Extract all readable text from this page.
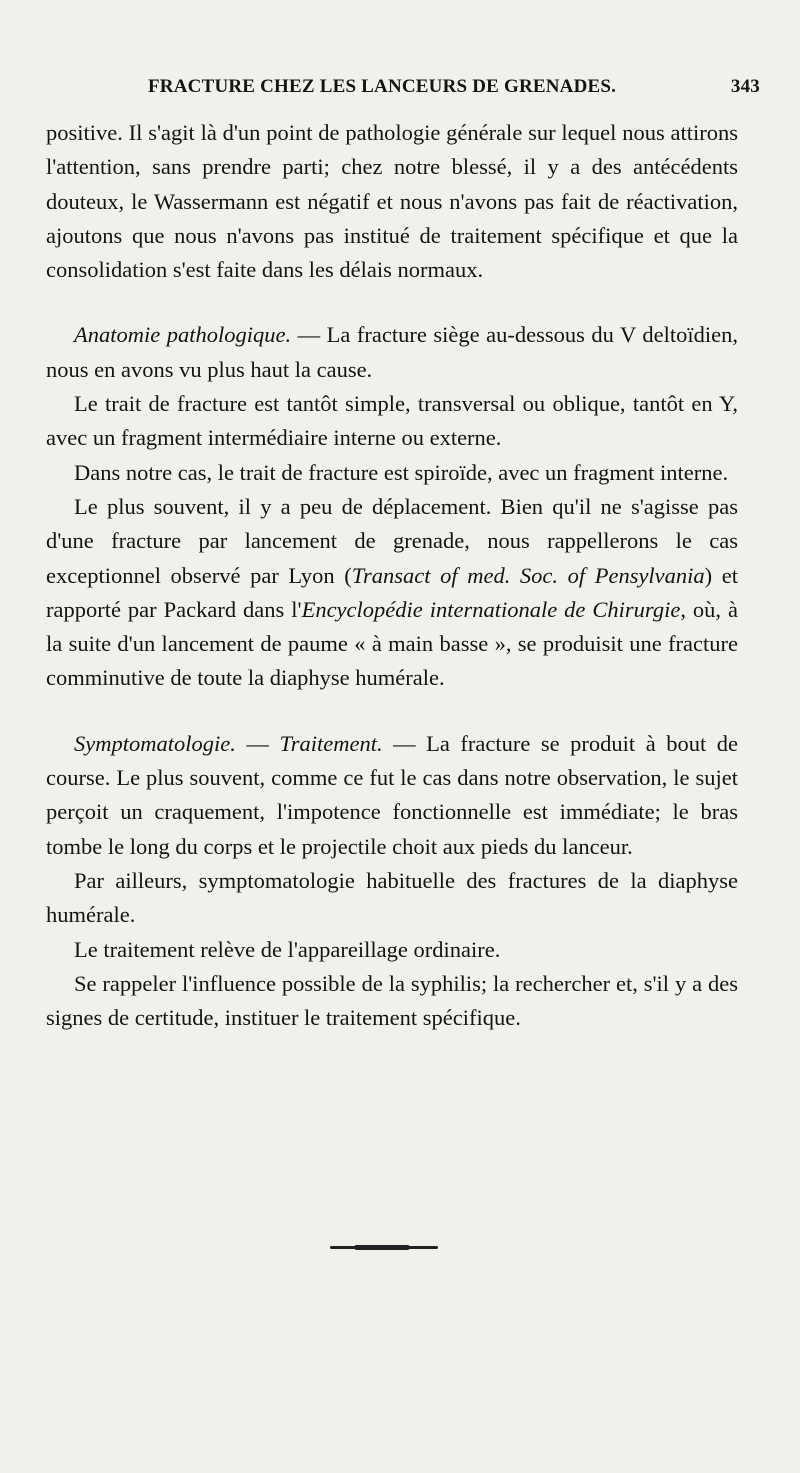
FRACTURE CHEZ LES LANCEURS DE GRENADES.	343

positive. Il s'agit là d'un point de pathologie générale sur lequel nous attirons l'attention, sans prendre parti; chez notre blessé, il y a des antécédents douteux, le Wassermann est négatif et nous n'avons pas fait de réactivation, ajoutons que nous n'avons pas institué de traitement spécifique et que la consolidation s'est faite dans les délais normaux.

Anatomie pathologique. — La fracture siège au-dessous du V deltoïdien, nous en avons vu plus haut la cause.

Le trait de fracture est tantôt simple, transversal ou oblique, tantôt en Y, avec un fragment intermédiaire interne ou externe.

Dans notre cas, le trait de fracture est spiroïde, avec un fragment interne.

Le plus souvent, il y a peu de déplacement. Bien qu'il ne s'agisse pas d'une fracture par lancement de grenade, nous rappellerons le cas exceptionnel observé par Lyon (Transact of med. Soc. of Pensylvania) et rapporté par Packard dans l'Encyclopédie internationale de Chirurgie, où, à la suite d'un lancement de paume « à main basse », se produisit une fracture comminutive de toute la diaphyse humérale.

Symptomatologie. — Traitement. — La fracture se produit à bout de course. Le plus souvent, comme ce fut le cas dans notre observation, le sujet perçoit un craquement, l'impotence fonctionnelle est immédiate; le bras tombe le long du corps et le projectile choit aux pieds du lanceur.

Par ailleurs, symptomatologie habituelle des fractures de la diaphyse humérale.

Le traitement relève de l'appareillage ordinaire.

Se rappeler l'influence possible de la syphilis; la rechercher et, s'il y a des signes de certitude, instituer le traitement spécifique.
